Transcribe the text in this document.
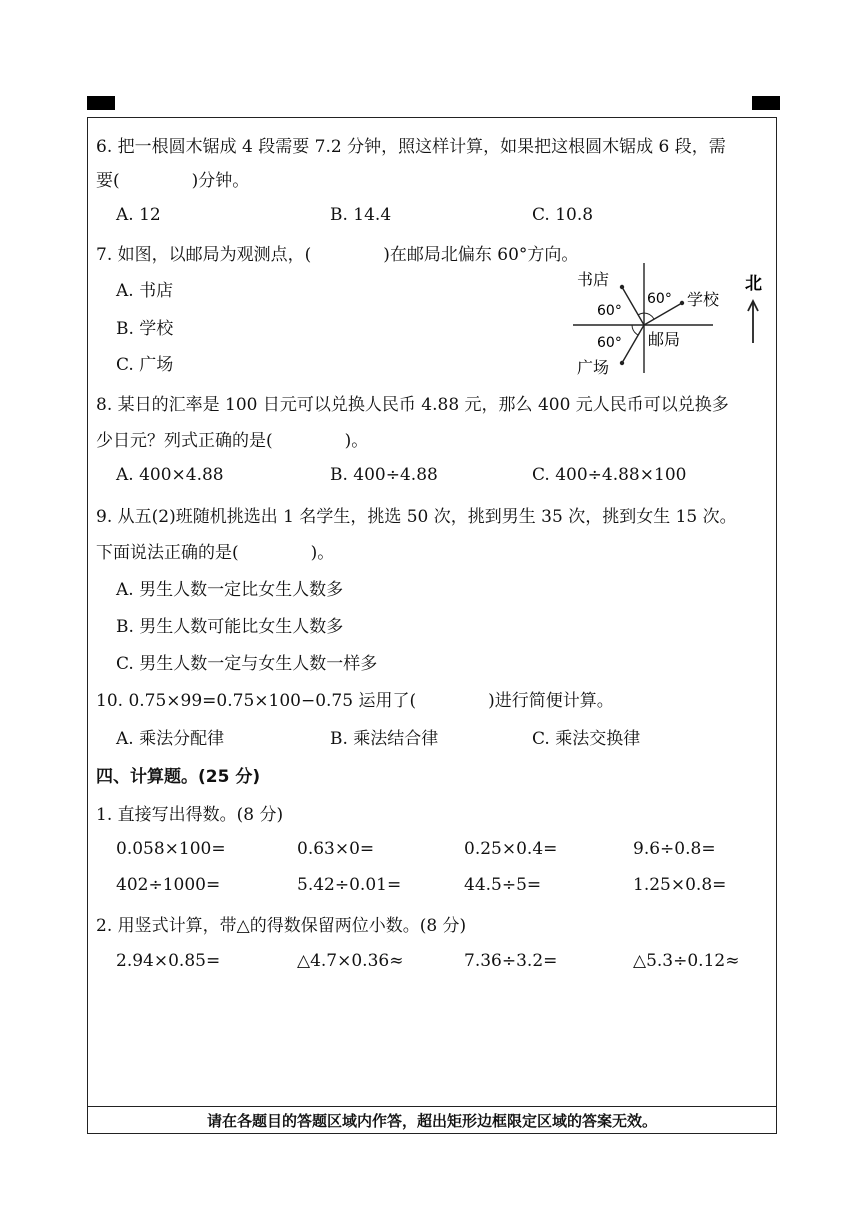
6. 把一根圆木锯成 4 段需要 7.2 分钟，照这样计算，如果把这根圆木锯成 6 段，需
要(	)分钟。
A. 12	B. 14.4	C. 10.8
7. 如图，以邮局为观测点，(	)在邮局北偏东 60°方向。
A. 书店
B. 学校
C. 广场
书店
60°
60° 学校
邮局
60°
广场
北
8. 某日的汇率是 100 日元可以兑换人民币 4.88 元，那么 400 元人民币可以兑换多
少日元？列式正确的是(	)。
A. 400×4.88	B. 400÷4.88	C. 400÷4.88×100
9. 从五(2)班随机挑选出 1 名学生，挑选 50 次，挑到男生 35 次，挑到女生 15 次。
下面说法正确的是(	)。
A. 男生人数一定比女生人数多
B. 男生人数可能比女生人数多
C. 男生人数一定与女生人数一样多
10. 0.75×99=0.75×100−0.75 运用了(	)进行简便计算。
A. 乘法分配律	B. 乘法结合律	C. 乘法交换律
四、计算题。(25 分)
1. 直接写出得数。(8 分)
0.058×100=	0.63×0=	0.25×0.4=	9.6÷0.8=
402÷1000=	5.42÷0.01=	44.5÷5=	1.25×0.8=
2. 用竖式计算，带△的得数保留两位小数。(8 分)
2.94×0.85=	△4.7×0.36≈	7.36÷3.2=	△5.3÷0.12≈
请在各题目的答题区域内作答，超出矩形边框限定区域的答案无效。
